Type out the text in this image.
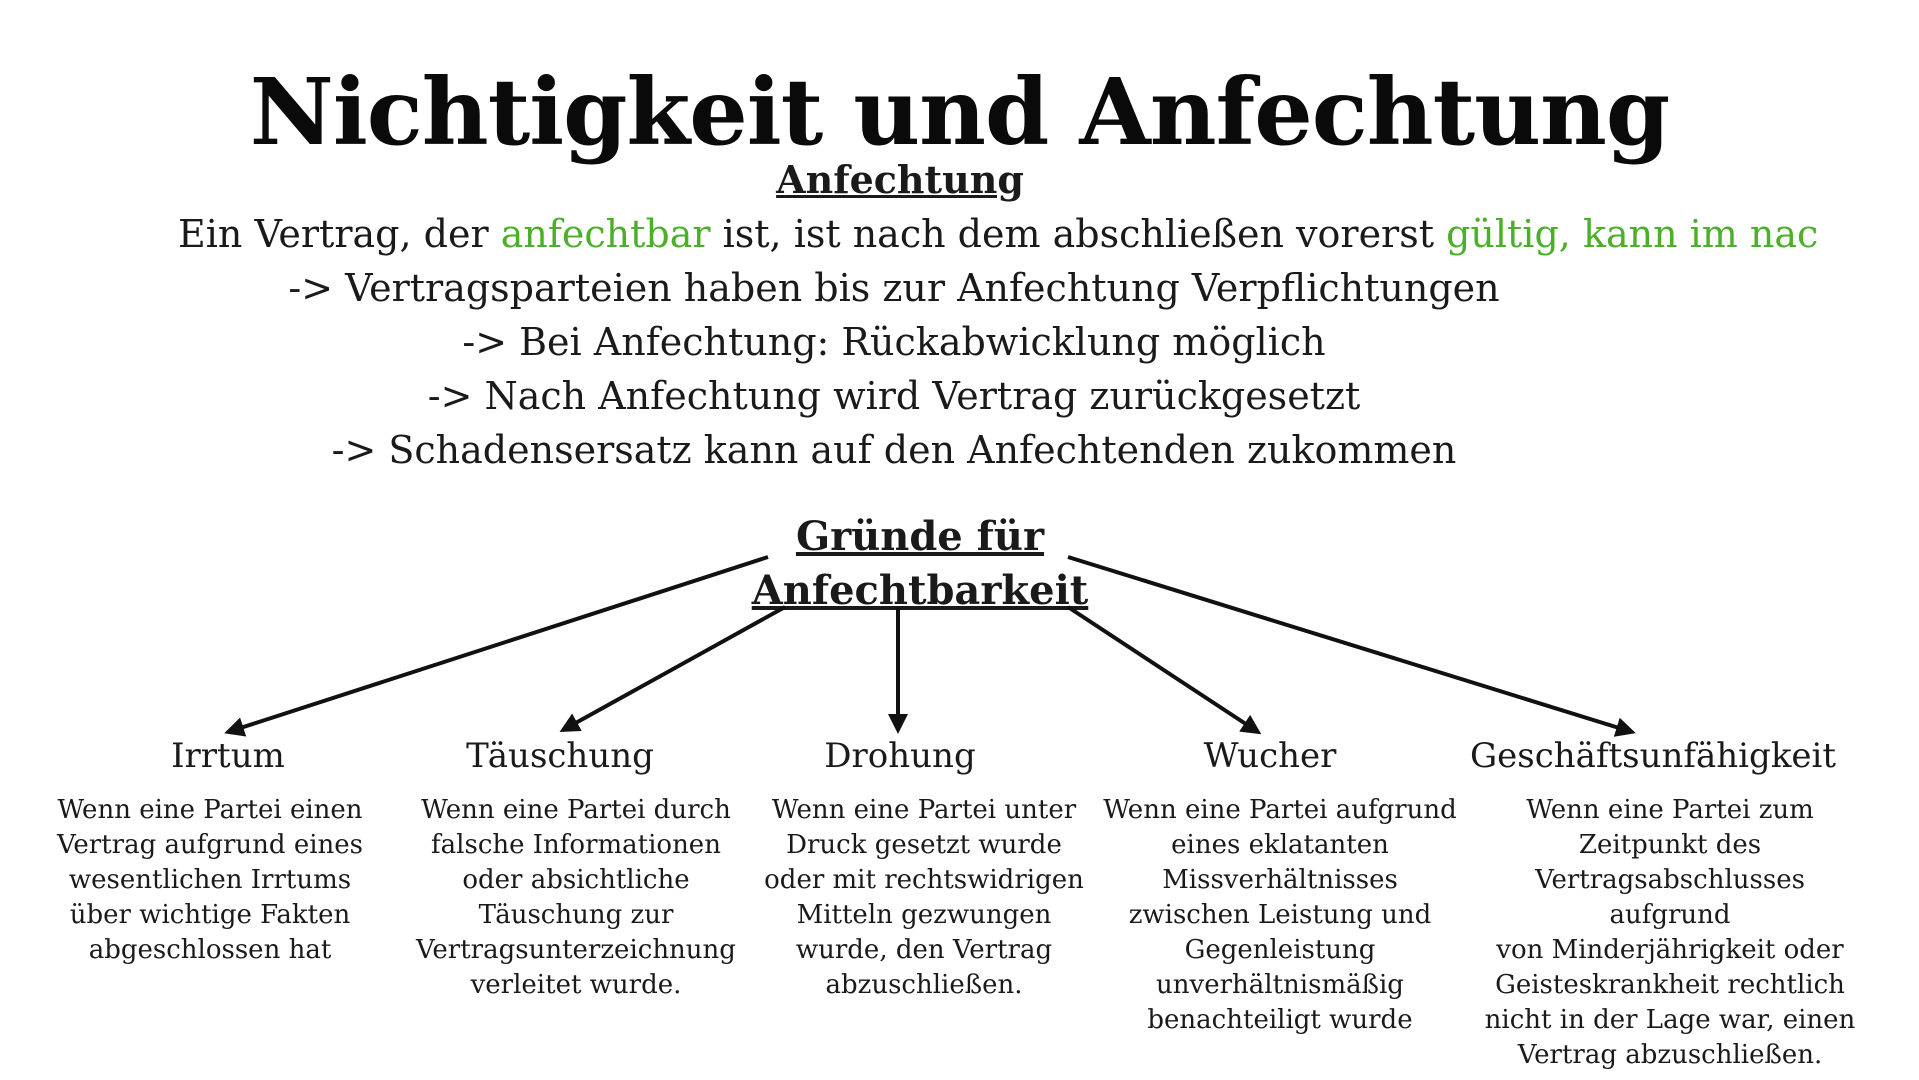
Nichtigkeit und Anfechtung
Anfechtung
Ein Vertrag, der anfechtbar ist, ist nach dem abschließen vorerst gültig, kann im nac
-> Vertragsparteien haben bis zur Anfechtung Verpflichtungen
-> Bei Anfechtung: Rückabwicklung möglich
-> Nach Anfechtung wird Vertrag zurückgesetzt
-> Schadensersatz kann auf den Anfechtenden zukommen
Gründe für
Anfechtbarkeit
Irrtum
Wenn eine Partei einen
Vertrag aufgrund eines
wesentlichen Irrtums
über wichtige Fakten
abgeschlossen hat
Täuschung
Wenn eine Partei durch
falsche Informationen
oder absichtliche
Täuschung zur
Vertragsunterzeichnung
verleitet wurde.
Drohung
Wenn eine Partei unter
Druck gesetzt wurde
oder mit rechtswidrigen
Mitteln gezwungen
wurde, den Vertrag
abzuschließen.
Wucher
Wenn eine Partei aufgrund
eines eklatanten
Missverhältnisses
zwischen Leistung und
Gegenleistung
unverhältnismäßig
benachteiligt wurde
Geschäftsunfähigkeit
Wenn eine Partei zum
Zeitpunkt des
Vertragsabschlusses aufgrund
von Minderjährigkeit oder
Geisteskrankheit rechtlich
nicht in der Lage war, einen
Vertrag abzuschließen.
